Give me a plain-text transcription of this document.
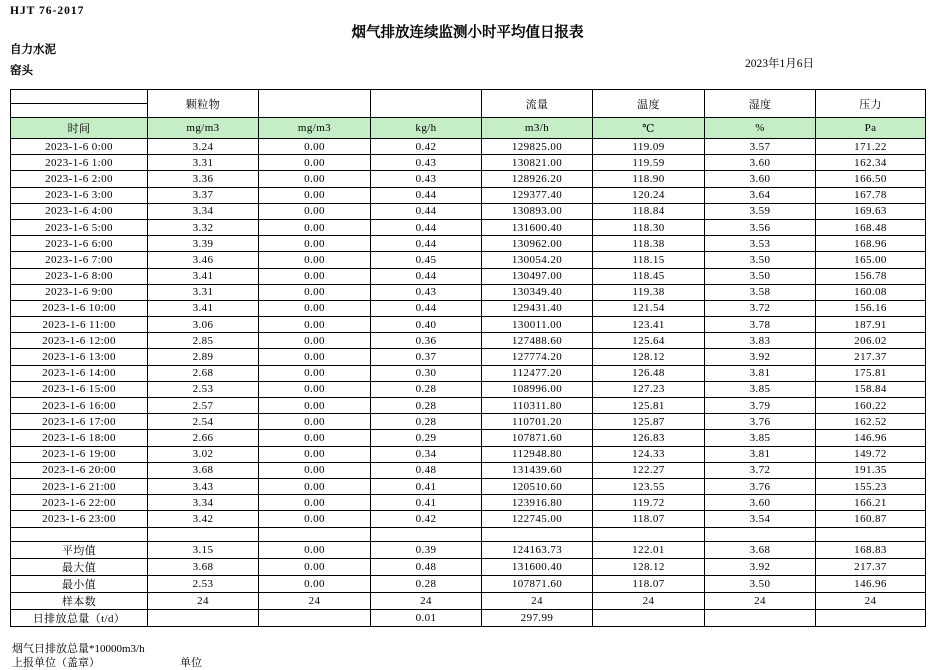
HJT 76-2017
烟气排放连续监测小时平均值日报表
自力水泥
窑头
2023年1月6日
	颗粒物			流量	温度	湿度	压力

时间	mg/m3	mg/m3	kg/h	m3/h	℃	%	Pa
2023-1-6 0:00	3.24	0.00	0.42	129825.00	119.09	3.57	171.22
2023-1-6 1:00	3.31	0.00	0.43	130821.00	119.59	3.60	162.34
2023-1-6 2:00	3.36	0.00	0.43	128926.20	118.90	3.60	166.50
2023-1-6 3:00	3.37	0.00	0.44	129377.40	120.24	3.64	167.78
2023-1-6 4:00	3.34	0.00	0.44	130893.00	118.84	3.59	169.63
2023-1-6 5:00	3.32	0.00	0.44	131600.40	118.30	3.56	168.48
2023-1-6 6:00	3.39	0.00	0.44	130962.00	118.38	3.53	168.96
2023-1-6 7:00	3.46	0.00	0.45	130054.20	118.15	3.50	165.00
2023-1-6 8:00	3.41	0.00	0.44	130497.00	118.45	3.50	156.78
2023-1-6 9:00	3.31	0.00	0.43	130349.40	119.38	3.58	160.08
2023-1-6 10:00	3.41	0.00	0.44	129431.40	121.54	3.72	156.16
2023-1-6 11:00	3.06	0.00	0.40	130011.00	123.41	3.78	187.91
2023-1-6 12:00	2.85	0.00	0.36	127488.60	125.64	3.83	206.02
2023-1-6 13:00	2.89	0.00	0.37	127774.20	128.12	3.92	217.37
2023-1-6 14:00	2.68	0.00	0.30	112477.20	126.48	3.81	175.81
2023-1-6 15:00	2.53	0.00	0.28	108996.00	127.23	3.85	158.84
2023-1-6 16:00	2.57	0.00	0.28	110311.80	125.81	3.79	160.22
2023-1-6 17:00	2.54	0.00	0.28	110701.20	125.87	3.76	162.52
2023-1-6 18:00	2.66	0.00	0.29	107871.60	126.83	3.85	146.96
2023-1-6 19:00	3.02	0.00	0.34	112948.80	124.33	3.81	149.72
2023-1-6 20:00	3.68	0.00	0.48	131439.60	122.27	3.72	191.35
2023-1-6 21:00	3.43	0.00	0.41	120510.60	123.55	3.76	155.23
2023-1-6 22:00	3.34	0.00	0.41	123916.80	119.72	3.60	166.21
2023-1-6 23:00	3.42	0.00	0.42	122745.00	118.07	3.54	160.87

平均值	3.15	0.00	0.39	124163.73	122.01	3.68	168.83
最大值	3.68	0.00	0.48	131600.40	128.12	3.92	217.37
最小值	2.53	0.00	0.28	107871.60	118.07	3.50	146.96
样本数	24	24	24	24	24	24	24
日排放总量（t/d）			0.01	297.99			
烟气日排放总量*10000m3/h
上报单位（盖章）	单位
